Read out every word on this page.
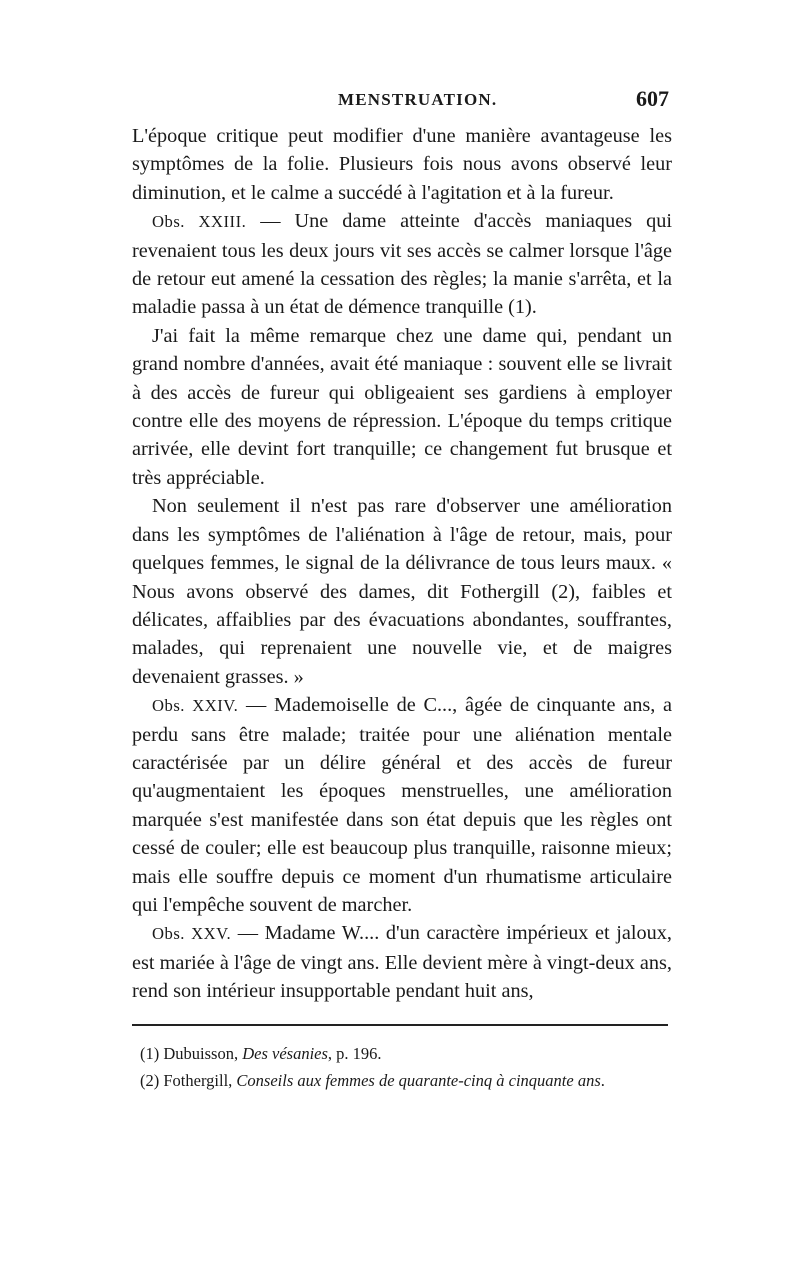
MENSTRUATION.	607

L'époque critique peut modifier d'une manière avantageuse les symptômes de la folie. Plusieurs fois nous avons observé leur diminution, et le calme a succédé à l'agitation et à la fureur.

Obs. XXIII. — Une dame atteinte d'accès maniaques qui revenaient tous les deux jours vit ses accès se calmer lorsque l'âge de retour eut amené la cessation des règles; la manie s'arrêta, et la maladie passa à un état de démence tranquille (1).

J'ai fait la même remarque chez une dame qui, pendant un grand nombre d'années, avait été maniaque : souvent elle se livrait à des accès de fureur qui obligeaient ses gardiens à employer contre elle des moyens de répression. L'époque du temps critique arrivée, elle devint fort tranquille; ce changement fut brusque et très appréciable.

Non seulement il n'est pas rare d'observer une amélioration dans les symptômes de l'aliénation à l'âge de retour, mais, pour quelques femmes, le signal de la délivrance de tous leurs maux. « Nous avons observé des dames, dit Fothergill (2), faibles et délicates, affaiblies par des évacuations abondantes, souffrantes, malades, qui reprenaient une nouvelle vie, et de maigres devenaient grasses. »

Obs. XXIV. — Mademoiselle de C..., âgée de cinquante ans, a perdu sans être malade; traitée pour une aliénation mentale caractérisée par un délire général et des accès de fureur qu'augmentaient les époques menstruelles, une amélioration marquée s'est manifestée dans son état depuis que les règles ont cessé de couler; elle est beaucoup plus tranquille, raisonne mieux; mais elle souffre depuis ce moment d'un rhumatisme articulaire qui l'empêche souvent de marcher.

Obs. XXV. — Madame W.... d'un caractère impérieux et jaloux, est mariée à l'âge de vingt ans. Elle devient mère à vingt-deux ans, rend son intérieur insupportable pendant huit ans,

(1) Dubuisson, Des vésanies, p. 196.
(2) Fothergill, Conseils aux femmes de quarante-cinq à cinquante ans.
